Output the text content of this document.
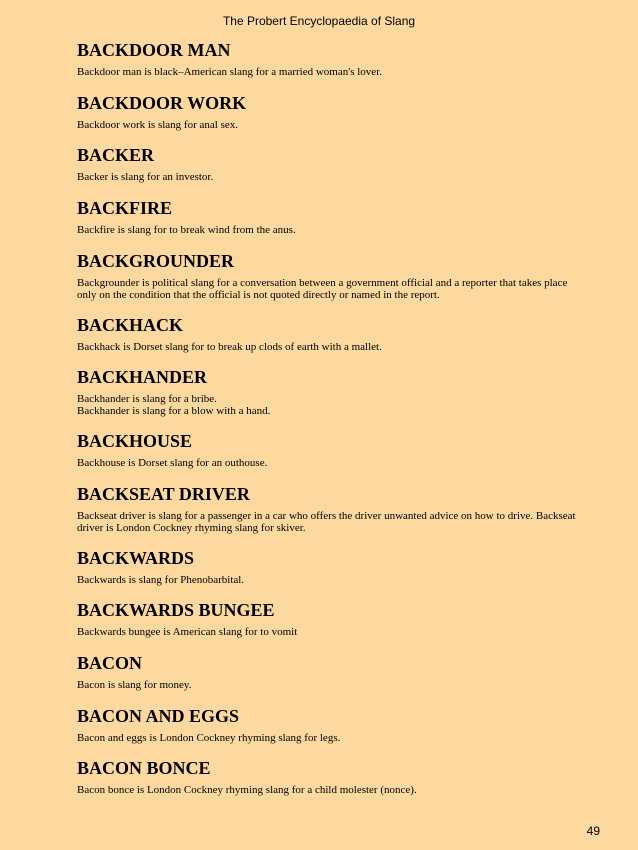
The Probert Encyclopaedia of Slang
BACKDOOR MAN
Backdoor man is black–American slang for a married woman's lover.
BACKDOOR WORK
Backdoor work is slang for anal sex.
BACKER
Backer is slang for an investor.
BACKFIRE
Backfire is slang for to break wind from the anus.
BACKGROUNDER
Backgrounder is political slang for a conversation between a government official and a reporter that takes place only on the condition that the official is not quoted directly or named in the report.
BACKHACK
Backhack is Dorset slang for to break up clods of earth with a mallet.
BACKHANDER
Backhander is slang for a bribe.
Backhander is slang for a blow with a hand.
BACKHOUSE
Backhouse is Dorset slang for an outhouse.
BACKSEAT DRIVER
Backseat driver is slang for a passenger in a car who offers the driver unwanted advice on how to drive. Backseat driver is London Cockney rhyming slang for skiver.
BACKWARDS
Backwards is slang for Phenobarbital.
BACKWARDS BUNGEE
Backwards bungee is American slang for to vomit
BACON
Bacon is slang for money.
BACON AND EGGS
Bacon and eggs is London Cockney rhyming slang for legs.
BACON BONCE
Bacon bonce is London Cockney rhyming slang for a child molester (nonce).
49
